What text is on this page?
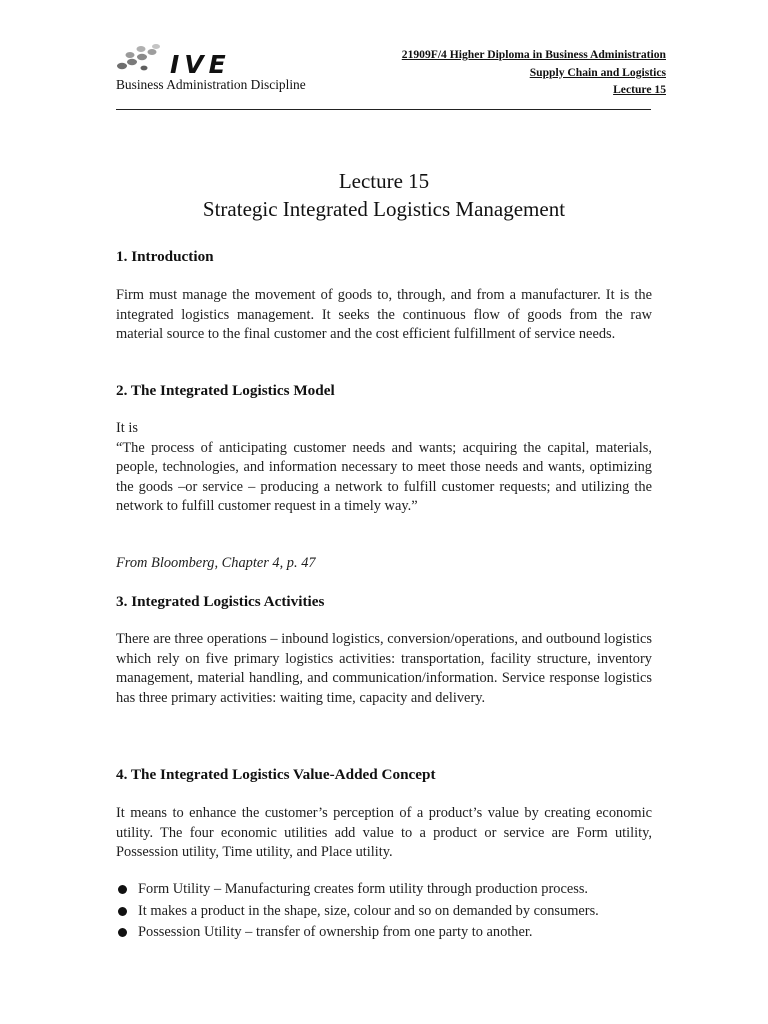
IVE
Business Administration Discipline
21909F/4 Higher Diploma in Business Administration
Supply Chain and Logistics
Lecture 15
Lecture 15
Strategic Integrated Logistics Management

1. Introduction

Firm must manage the movement of goods to, through, and from a manufacturer. It is the integrated logistics management. It seeks the continuous flow of goods from the raw material source to the final customer and the cost efficient fulfillment of service needs.

2. The Integrated Logistics Model

It is

“The process of anticipating customer needs and wants; acquiring the capital, materials, people, technologies, and information necessary to meet those needs and wants, optimizing the goods –or service – producing a network to fulfill customer requests; and utilizing the network to fulfill customer request in a timely way.”

From Bloomberg, Chapter 4, p. 47

3. Integrated Logistics Activities

There are three operations – inbound logistics, conversion/operations, and outbound logistics which rely on five primary logistics activities: transportation, facility structure, inventory management, material handling, and communication/information. Service response logistics has three primary activities: waiting time, capacity and delivery.

4. The Integrated Logistics Value-Added Concept

It means to enhance the customer’s perception of a product’s value by creating economic utility. The four economic utilities add value to a product or service are Form utility, Possession utility, Time utility, and Place utility.

Form Utility – Manufacturing creates form utility through production process.
It makes a product in the shape, size, colour and so on demanded by consumers.
Possession Utility – transfer of ownership from one party to another.
